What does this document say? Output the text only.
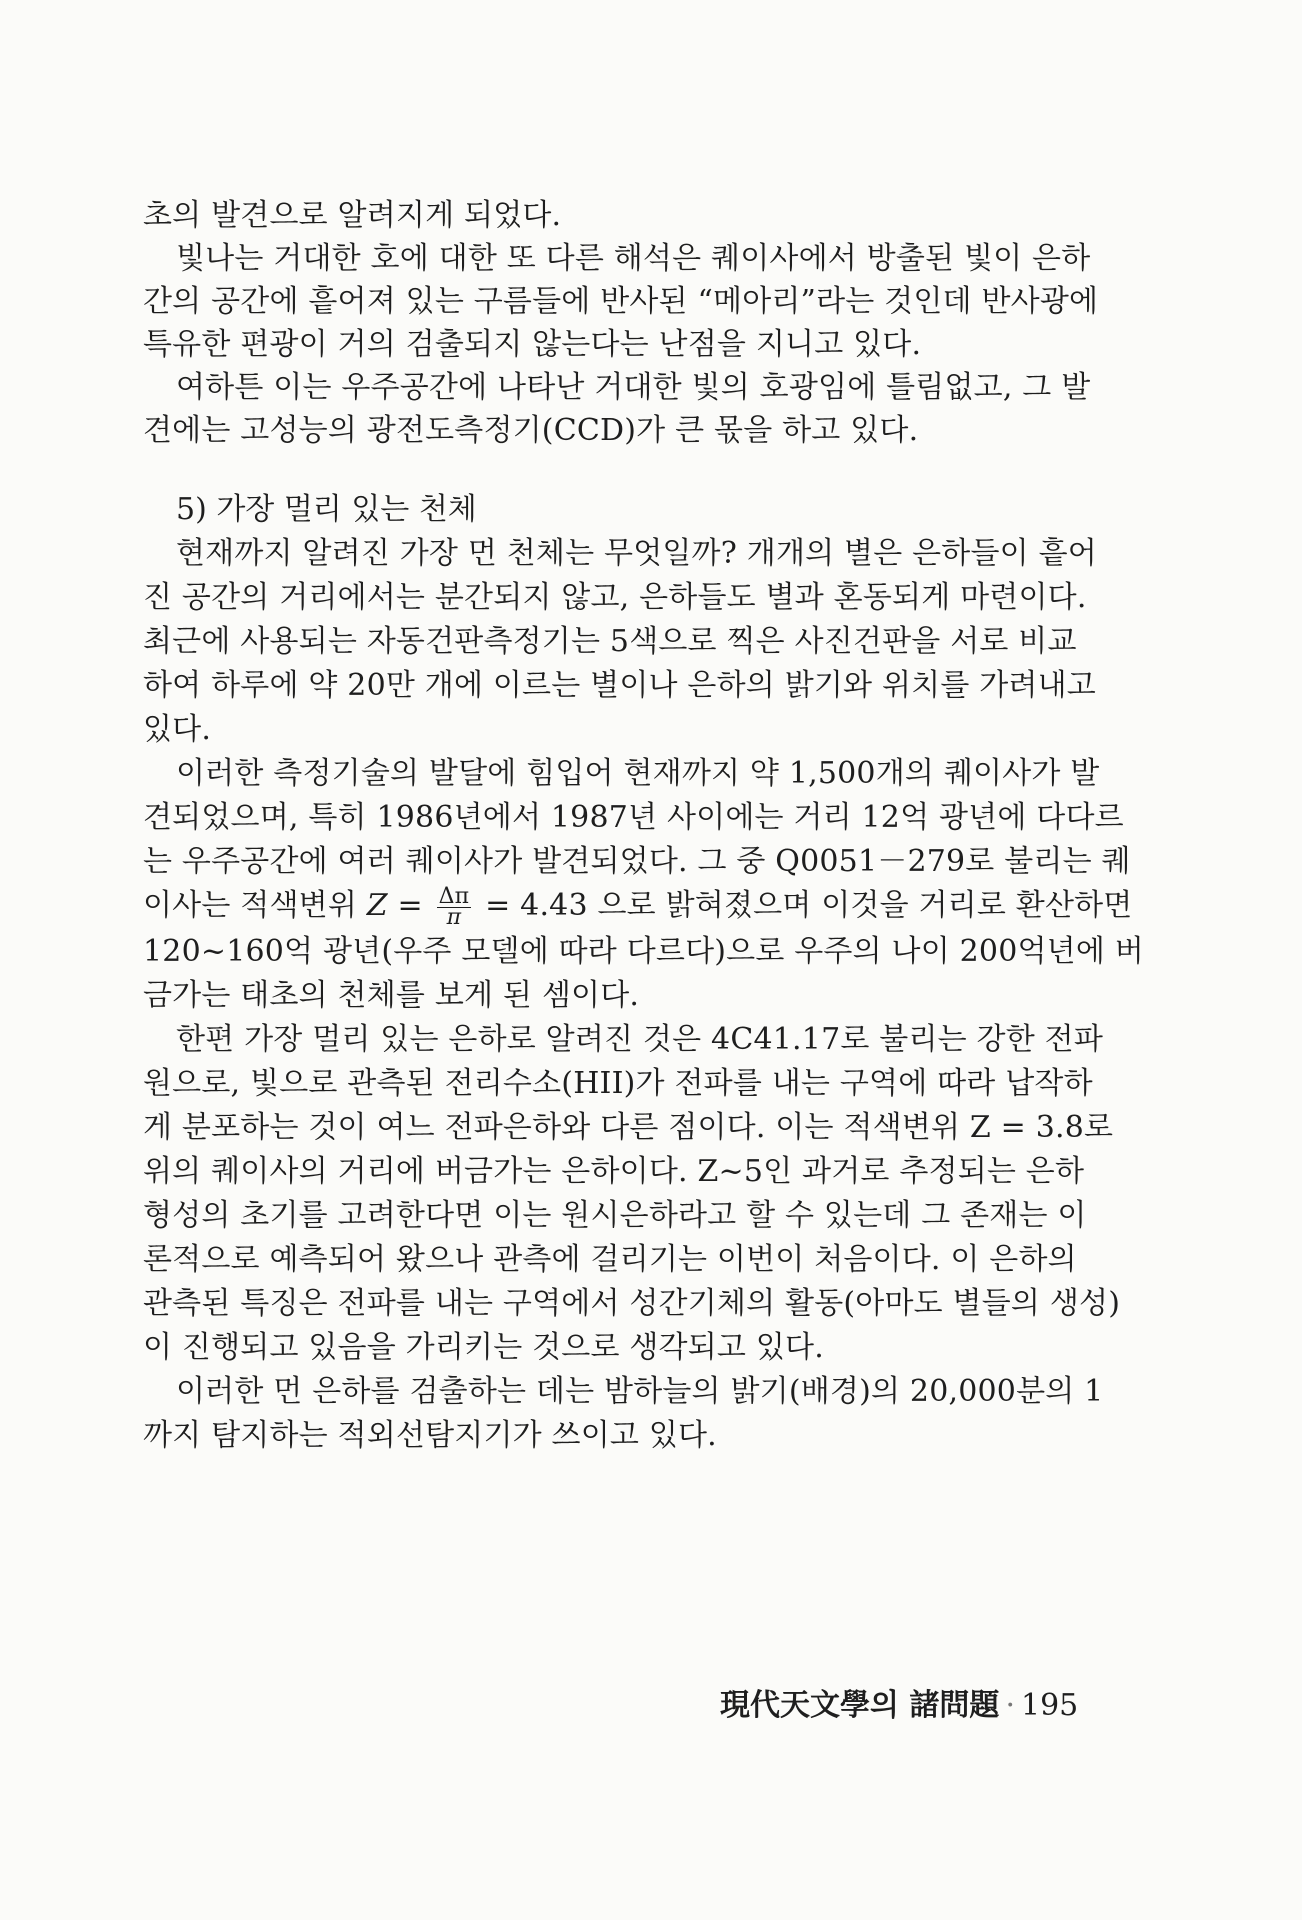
초의 발견으로 알려지게 되었다.
빛나는 거대한 호에 대한 또 다른 해석은 퀘이사에서 방출된 빛이 은하
간의 공간에 흩어져 있는 구름들에 반사된 “메아리”라는 것인데 반사광에
특유한 편광이 거의 검출되지 않는다는 난점을 지니고 있다.
여하튼 이는 우주공간에 나타난 거대한 빛의 호광임에 틀림없고, 그 발
견에는 고성능의 광전도측정기(CCD)가 큰 몫을 하고 있다.
5) 가장 멀리 있는 천체
현재까지 알려진 가장 먼 천체는 무엇일까? 개개의 별은 은하들이 흩어
진 공간의 거리에서는 분간되지 않고, 은하들도 별과 혼동되게 마련이다.
최근에 사용되는 자동건판측정기는 5색으로 찍은 사진건판을 서로 비교
하여 하루에 약 20만 개에 이르는 별이나 은하의 밝기와 위치를 가려내고
있다.
이러한 측정기술의 발달에 힘입어 현재까지 약 1,500개의 퀘이사가 발
견되었으며, 특히 1986년에서 1987년 사이에는 거리 12억 광년에 다다르
는 우주공간에 여러 퀘이사가 발견되었다. 그 중 Q0051－279로 불리는 퀘
이사는 적색변위 $Z = \frac{\Delta\pi}{\pi} = 4.43$ 으로 밝혀졌으며 이것을 거리로 환산하면
120~160억 광년(우주 모델에 따라 다르다)으로 우주의 나이 200억년에 버
금가는 태초의 천체를 보게 된 셈이다.
한편 가장 멀리 있는 은하로 알려진 것은 4C41.17로 불리는 강한 전파
원으로, 빛으로 관측된 전리수소(HII)가 전파를 내는 구역에 따라 납작하
게 분포하는 것이 여느 전파은하와 다른 점이다. 이는 적색변위 Z = 3.8로
위의 퀘이사의 거리에 버금가는 은하이다. Z~5인 과거로 추정되는 은하
형성의 초기를 고려한다면 이는 원시은하라고 할 수 있는데 그 존재는 이
론적으로 예측되어 왔으나 관측에 걸리기는 이번이 처음이다. 이 은하의
관측된 특징은 전파를 내는 구역에서 성간기체의 활동(아마도 별들의 생성)
이 진행되고 있음을 가리키는 것으로 생각되고 있다.
이러한 먼 은하를 검출하는 데는 밤하늘의 밝기(배경)의 20,000분의 1
까지 탐지하는 적외선탐지기가 쓰이고 있다.
現代天文學의 諸問題 · 195
